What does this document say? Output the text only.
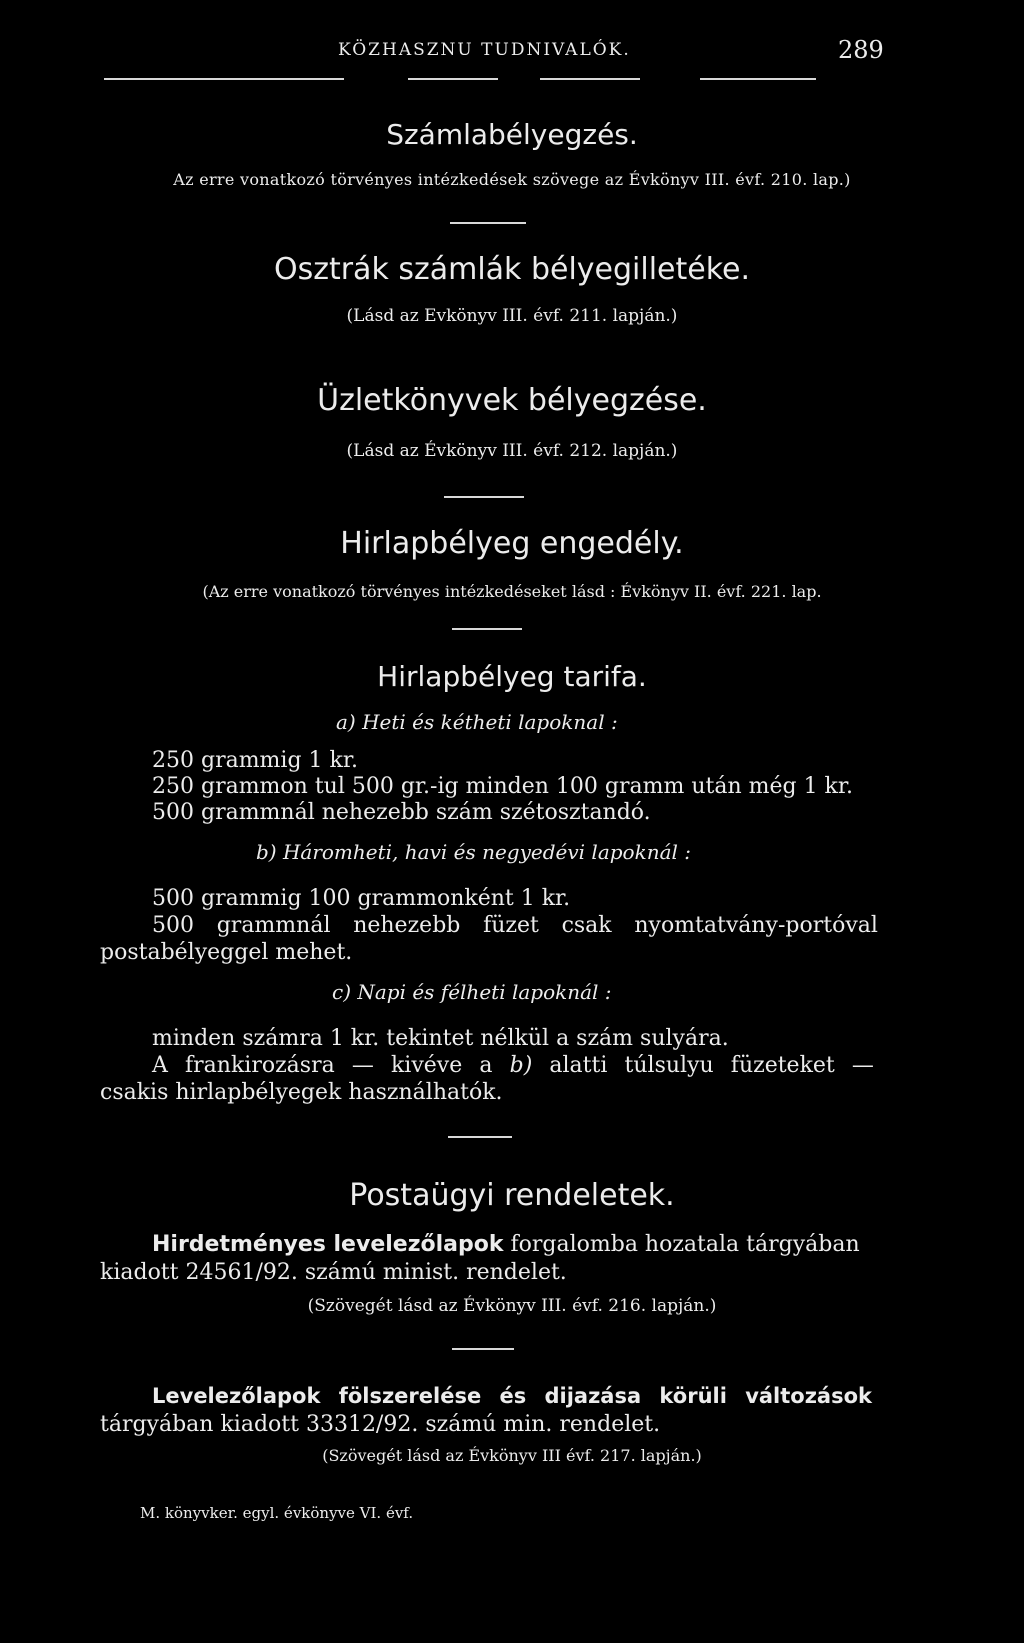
KÖZHASZNU TUDNIVALÓK.	289
Számlabélyegzés.
Az erre vonatkozó törvényes intézkedések szövege az Évkönyv III. évf. 210. lap.)
Osztrák számlák bélyegilletéke.
(Lásd az Evkönyv III. évf. 211. lapján.)
Üzletkönyvek bélyegzése.
(Lásd az Évkönyv III. évf. 212. lapján.)
Hirlapbélyeg engedély.
(Az erre vonatkozó törvényes intézkedéseket lásd : Évkönyv II. évf. 221. lap.
Hirlapbélyeg tarifa.
a) Heti és kétheti lapoknal :
250 grammig 1 kr.
250 grammon tul 500 gr.-ig minden 100 gramm után még 1 kr.
500 grammnál nehezebb szám szétosztandó.
b) Háromheti, havi és negyedévi lapoknál :
500 grammig 100 grammonként 1 kr.
500 grammnál nehezebb füzet csak nyomtatvány-portóval
postabélyeggel mehet.
c) Napi és félheti lapoknál :
minden számra 1 kr. tekintet nélkül a szám sulyára.
A frankirozásra — kivéve a b) alatti túlsulyu füzeteket —
csakis hirlapbélyegek használhatók.
Postaügyi rendeletek.
Hirdetményes levelezőlapok forgalomba hozatala tárgyában
kiadott 24561/92. számú minist. rendelet.
(Szövegét lásd az Évkönyv III. évf. 216. lapján.)
Levelezőlapok fölszerelése és dijazása körüli változások
tárgyában kiadott 33312/92. számú min. rendelet.
(Szövegét lásd az Évkönyv III évf. 217. lapján.)
M. könyvker. egyl. évkönyve VI. évf.
